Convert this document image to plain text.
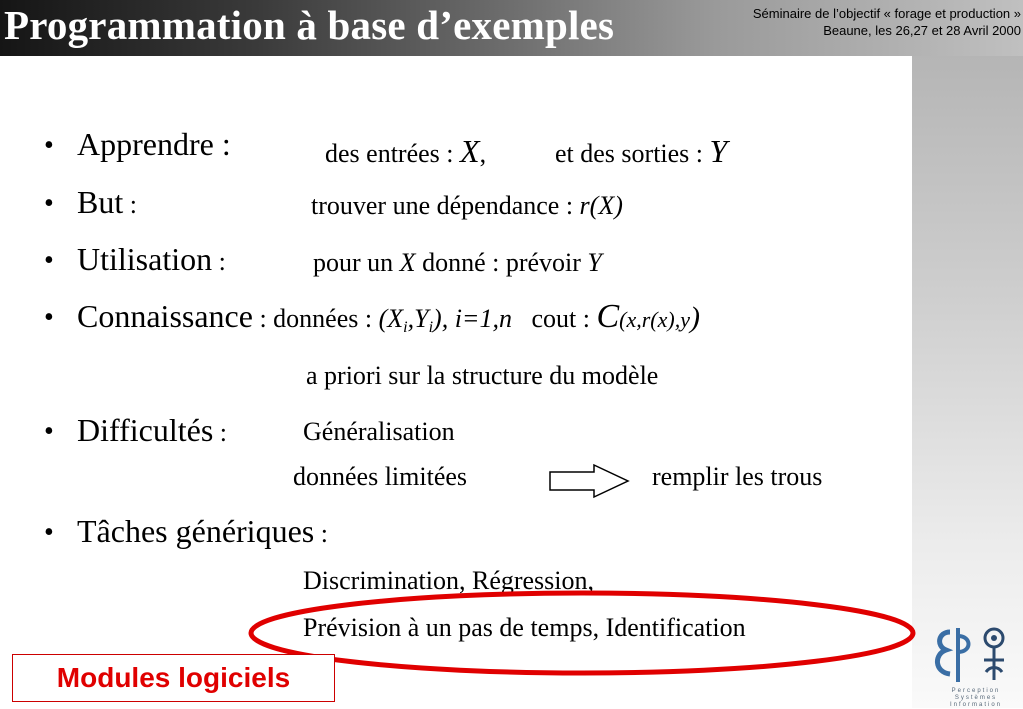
Programmation à base d’exemples	Séminaire de l’objectif « forage et production »
Beaune, les 26,27 et 28 Avril 2000
• Apprendre :	des entrées : X,	et des sorties : Y
• But :	trouver une dépendance : r(X)
• Utilisation :	pour un X donné : prévoir Y
• Connaissance : données : $(X_i,Y_i)$, i=1,n   cout : C(x,r(x),y)
a priori sur la structure du modèle
• Difficultés :	Généralisation
données limitées	remplir les trous
• Tâches génériques :
Discrimination, Régression,
Prévision à un pas de temps, Identification
Modules logiciels	Perception
Systèmes
Information
